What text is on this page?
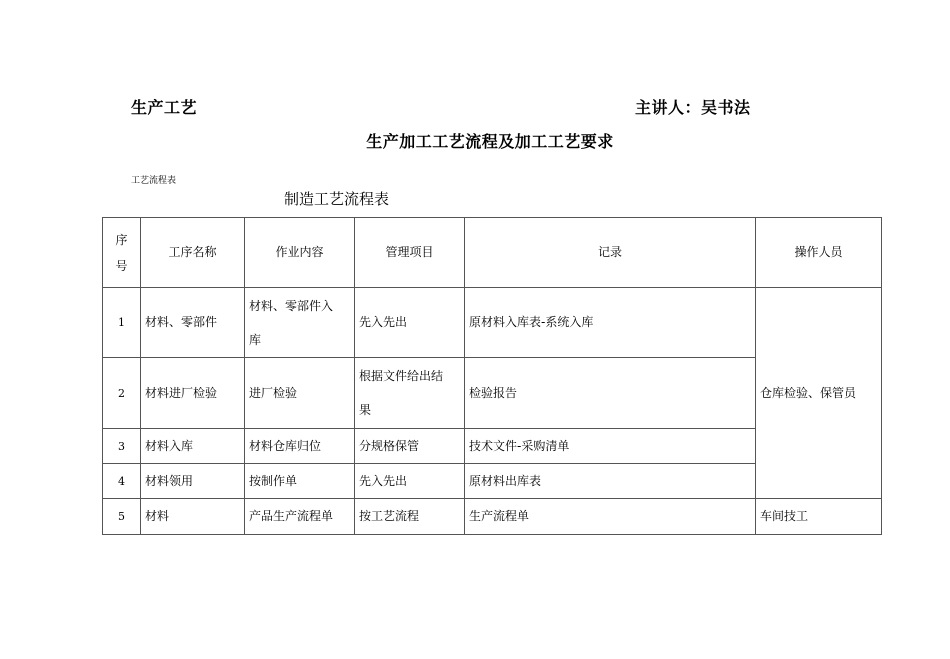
生产工艺	主讲人：吴书法
生产加工工艺流程及加工工艺要求
工艺流程表
制造工艺流程表
序
号	工序名称	作业内容	管理项目	记录	操作人员
1	材料、零部件	材料、零部件入
库	先入先出	原材料入库表-系统入库	仓库检验、保管员
2	材料进厂检验	进厂检验	根据文件给出结
果	检验报告	
3	材料入库	材料仓库归位	分规格保管	技术文件-采购清单	
4	材料领用	按制作单	先入先出	原材料出库表	
5	材料	产品生产流程单	按工艺流程	生产流程单	车间技工
